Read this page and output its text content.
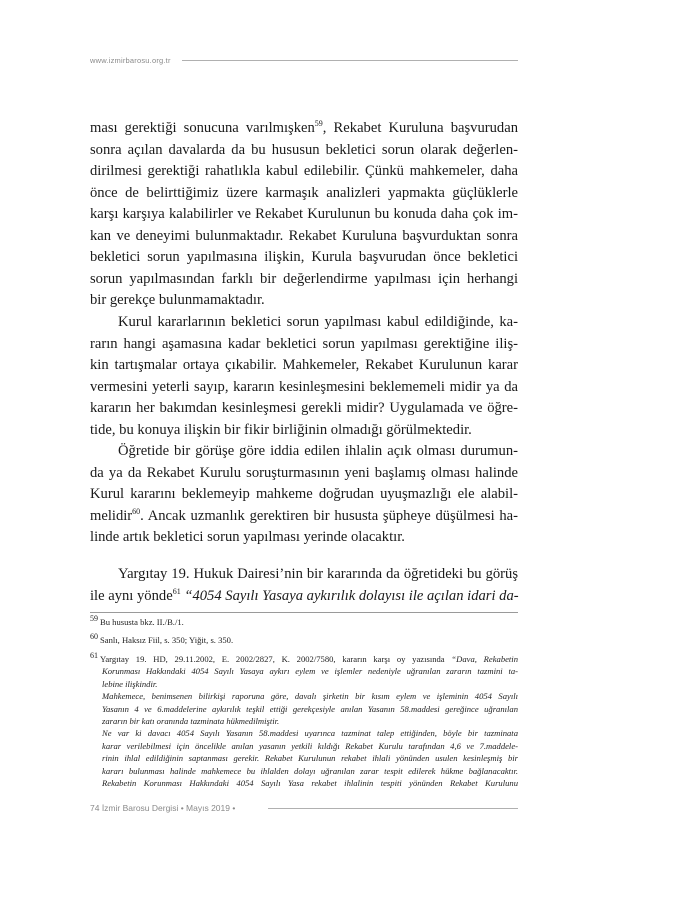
www.izmirbarosu.org.tr
ması gerektiği sonucuna varılmışken$^{59}$, Rekabet Kuruluna başvurudan
sonra açılan davalarda da bu hususun bekletici sorun olarak değerlen-
dirilmesi gerektiği rahatlıkla kabul edilebilir. Çünkü mahkemeler, daha
önce de belirttiğimiz üzere karmaşık analizleri yapmakta güçlüklerle
karşı karşıya kalabilirler ve Rekabet Kurulunun bu konuda daha çok im-
kan ve deneyimi bulunmaktadır. Rekabet Kuruluna başvurduktan sonra
bekletici sorun yapılmasına ilişkin, Kurula başvurudan önce bekletici
sorun yapılmasından farklı bir değerlendirme yapılması için herhangi
bir gerekçe bulunmamaktadır.
Kurul kararlarının bekletici sorun yapılması kabul edildiğinde, ka-
rarın hangi aşamasına kadar bekletici sorun yapılması gerektiğine iliş-
kin tartışmalar ortaya çıkabilir. Mahkemeler, Rekabet Kurulunun karar
vermesini yeterli sayıp, kararın kesinleşmesini beklememeli midir ya da
kararın her bakımdan kesinleşmesi gerekli midir? Uygulamada ve öğre-
tide, bu konuya ilişkin bir fikir birliğinin olmadığı görülmektedir.
Öğretide bir görüşe göre iddia edilen ihlalin açık olması durumun-
da ya da Rekabet Kurulu soruşturmasının yeni başlamış olması halinde
Kurul kararını beklemeyip mahkeme doğrudan uyuşmazlığı ele alabil-
melidir$^{60}$. Ancak uzmanlık gerektiren bir hususta şüpheye düşülmesi ha-
linde artık bekletici sorun yapılması yerinde olacaktır.
Yargıtay 19. Hukuk Dairesi’nin bir kararında da öğretideki bu görüş
ile aynı yönde$^{61}$ “4054 Sayılı Yasaya aykırılık dolayısı ile açılan idari da-
59 Bu hususta bkz. II./B./1.
60 Sanlı, Haksız Fiil, s. 350; Yiğit, s. 350.
61 Yargıtay 19. HD, 29.11.2002, E. 2002/2827, K. 2002/7580, kararın karşı oy yazısında “Dava, Rekabetin
Korunması Hakkındaki 4054 Sayılı Yasaya aykırı eylem ve işlemler nedeniyle uğranılan zararın tazmini ta-
lebine ilişkindir.
Mahkemece, benimsenen bilirkişi raporuna göre, davalı şirketin bir kısım eylem ve işleminin 4054 Sayılı
Yasanın 4 ve 6.maddelerine aykırılık teşkil ettiği gerekçesiyle anılan Yasanın 58.maddesi gereğince uğranılan
zararın bir katı oranında tazminata hükmedilmiştir.
Ne var ki davacı 4054 Sayılı Yasanın 58.maddesi uyarınca tazminat talep ettiğinden, böyle bir tazminata
karar verilebilmesi için öncelikle anılan yasanın yetkili kıldığı Rekabet Kurulu tarafından 4,6 ve 7.maddele-
rinin ihlal edildiğinin saptanması gerekir. Rekabet Kurulunun rekabet ihlali yönünden usulen kesinleşmiş bir
kararı bulunması halinde mahkemece bu ihlalden dolayı uğranılan zarar tespit edilerek hükme bağlanacaktır.
Rekabetin Korunması Hakkındaki 4054 Sayılı Yasa rekabet ihlalinin tespiti yönünden Rekabet Kurulunu
74 İzmir Barosu Dergisi • Mayıs 2019 •
